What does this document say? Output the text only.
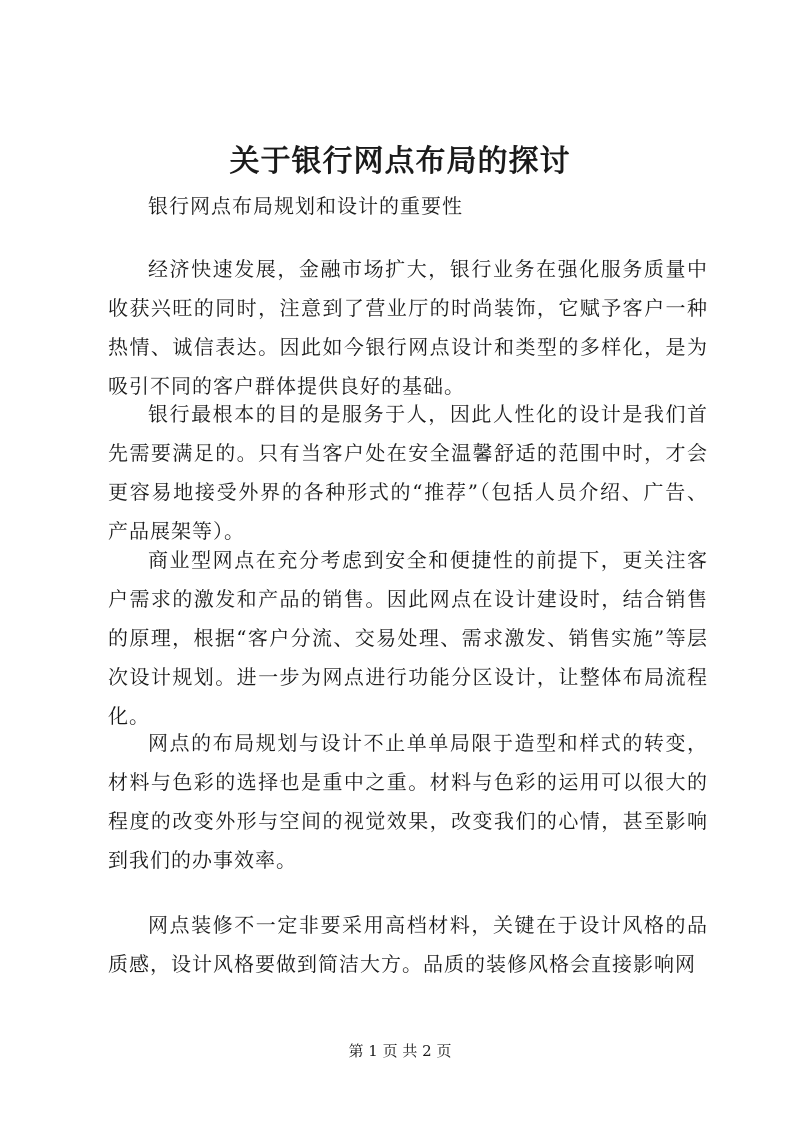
关于银行网点布局的探讨
银行网点布局规划和设计的重要性

经济快速发展，金融市场扩大，银行业务在强化服务质量中收获兴旺的同时，注意到了营业厅的时尚装饰，它赋予客户一种热情、诚信表达。因此如今银行网点设计和类型的多样化，是为吸引不同的客户群体提供良好的基础。

银行最根本的目的是服务于人，因此人性化的设计是我们首先需要满足的。只有当客户处在安全温馨舒适的范围中时，才会更容易地接受外界的各种形式的“推荐”（包括人员介绍、广告、产品展架等）。

商业型网点在充分考虑到安全和便捷性的前提下，更关注客户需求的激发和产品的销售。因此网点在设计建设时，结合销售的原理，根据“客户分流、交易处理、需求激发、销售实施”等层次设计规划。进一步为网点进行功能分区设计，让整体布局流程化。

网点的布局规划与设计不止单单局限于造型和样式的转变，材料与色彩的选择也是重中之重。材料与色彩的运用可以很大的程度的改变外形与空间的视觉效果，改变我们的心情，甚至影响到我们的办事效率。

网点装修不一定非要采用高档材料，关键在于设计风格的品质感，设计风格要做到简洁大方。品质的装修风格会直接影响网

第 1 页 共 2 页
